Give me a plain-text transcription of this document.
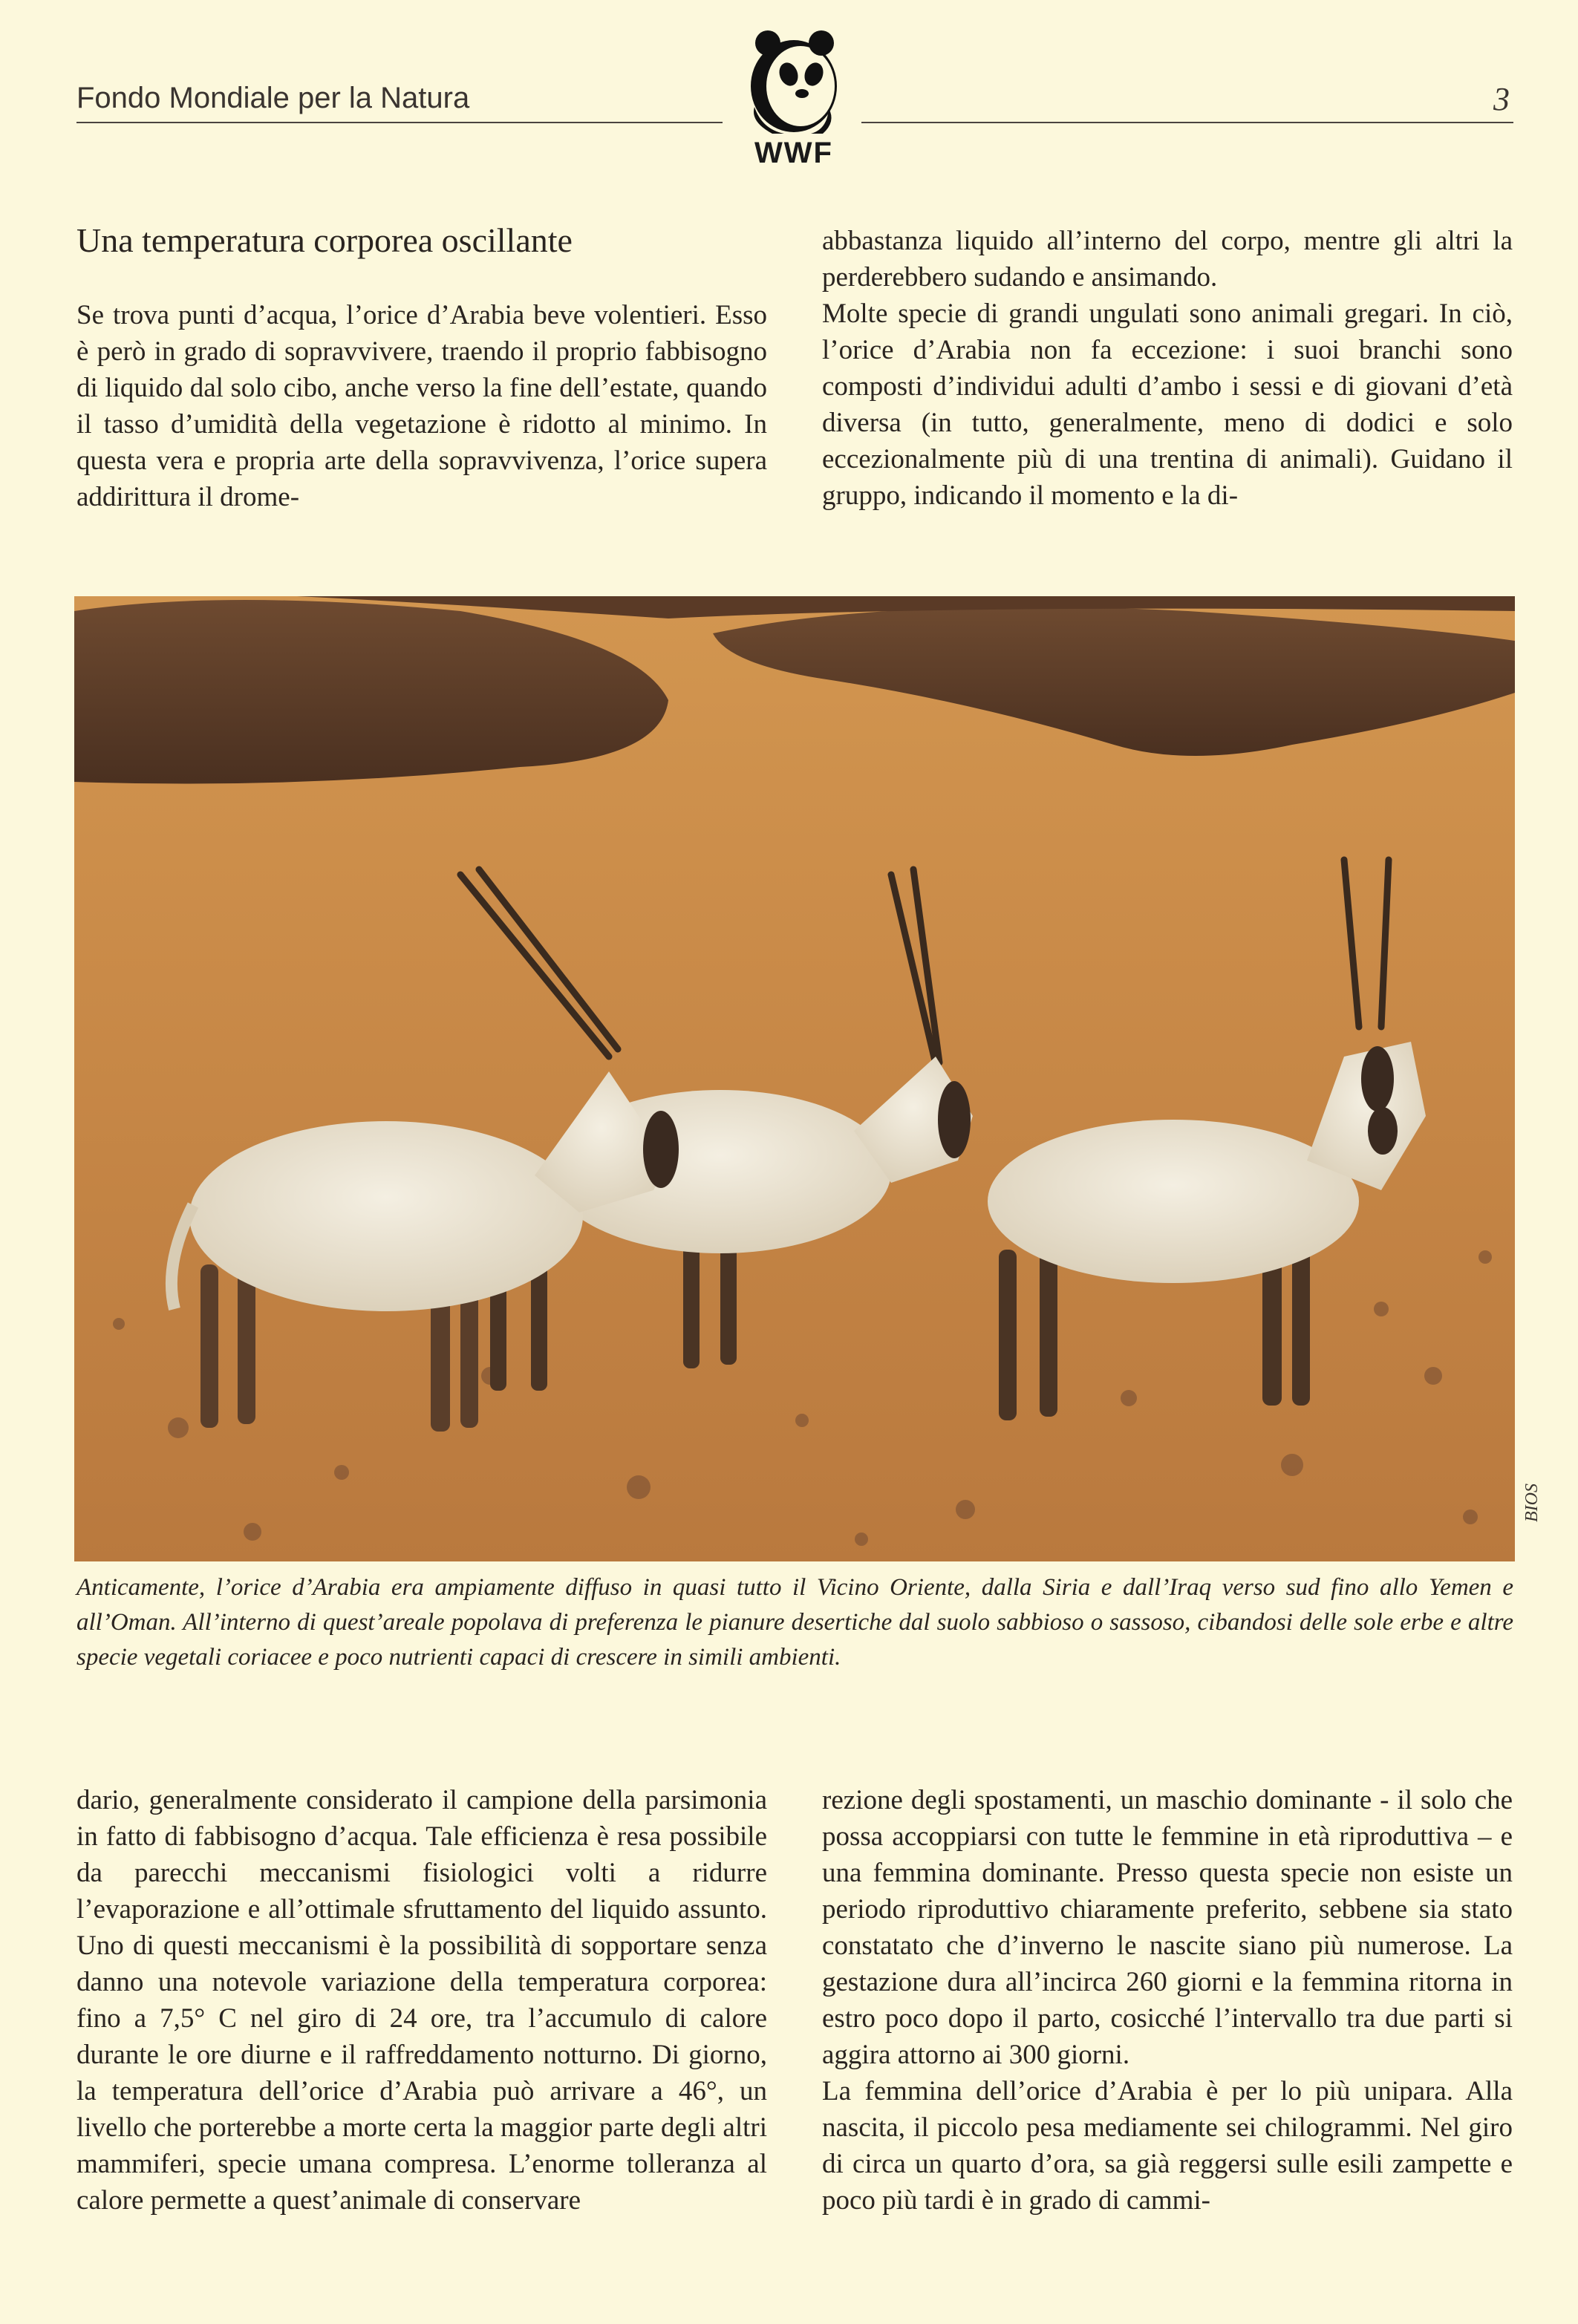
Fondo Mondiale per la Natura	3
WWF
Una temperatura corporea oscillante

Se trova punti d’acqua, l’orice d’Arabia beve volentieri. Esso è però in grado di sopravvivere, traendo il proprio fabbisogno di liquido dal solo cibo, anche verso la fine dell’estate, quando il tasso d’umidità della vegetazione è ridotto al minimo. In questa vera e propria arte della sopravvivenza, l’orice supera addirittura il drome-

abbastanza liquido all’interno del corpo, mentre gli altri la perderebbero sudando e ansimando.

Molte specie di grandi ungulati sono animali gregari. In ciò, l’orice d’Arabia non fa eccezione: i suoi branchi sono composti d’individui adulti d’ambo i sessi e di giovani d’età diversa (in tutto, generalmente, meno di dodici e solo eccezionalmente più di una trentina di animali). Guidano il gruppo, indicando il momento e la di-

BIOS
Anticamente, l’orice d’Arabia era ampiamente diffuso in quasi tutto il Vicino Oriente, dalla Siria e dall’Iraq verso sud fino allo Yemen e all’Oman. All’interno di quest’areale popolava di preferenza le pianure desertiche dal suolo sabbioso o sassoso, cibandosi delle sole erbe e altre specie vegetali coriacee e poco nutrienti capaci di crescere in simili ambienti.

dario, generalmente considerato il campione della parsimonia in fatto di fabbisogno d’acqua. Tale efficienza è resa possibile da parecchi meccanismi fisiologici volti a ridurre l’evaporazione e all’ottimale sfruttamento del liquido assunto. Uno di questi meccanismi è la possibilità di sopportare senza danno una notevole variazione della temperatura corporea: fino a 7,5° C nel giro di 24 ore, tra l’accumulo di calore durante le ore diurne e il raffreddamento notturno. Di giorno, la temperatura dell’orice d’Arabia può arrivare a 46°, un livello che porterebbe a morte certa la maggior parte degli altri mammiferi, specie umana compresa. L’enorme tolleranza al calore permette a quest’animale di conservare

rezione degli spostamenti, un maschio dominante - il solo che possa accoppiarsi con tutte le femmine in età riproduttiva – e una femmina dominante. Presso questa specie non esiste un periodo riproduttivo chiaramente preferito, sebbene sia stato constatato che d’inverno le nascite siano più numerose. La gestazione dura all’incirca 260 giorni e la femmina ritorna in estro poco dopo il parto, cosicché l’intervallo tra due parti si aggira attorno ai 300 giorni.

La femmina dell’orice d’Arabia è per lo più unipara. Alla nascita, il piccolo pesa mediamente sei chilogrammi. Nel giro di circa un quarto d’ora, sa già reggersi sulle esili zampette e poco più tardi è in grado di cammi-
